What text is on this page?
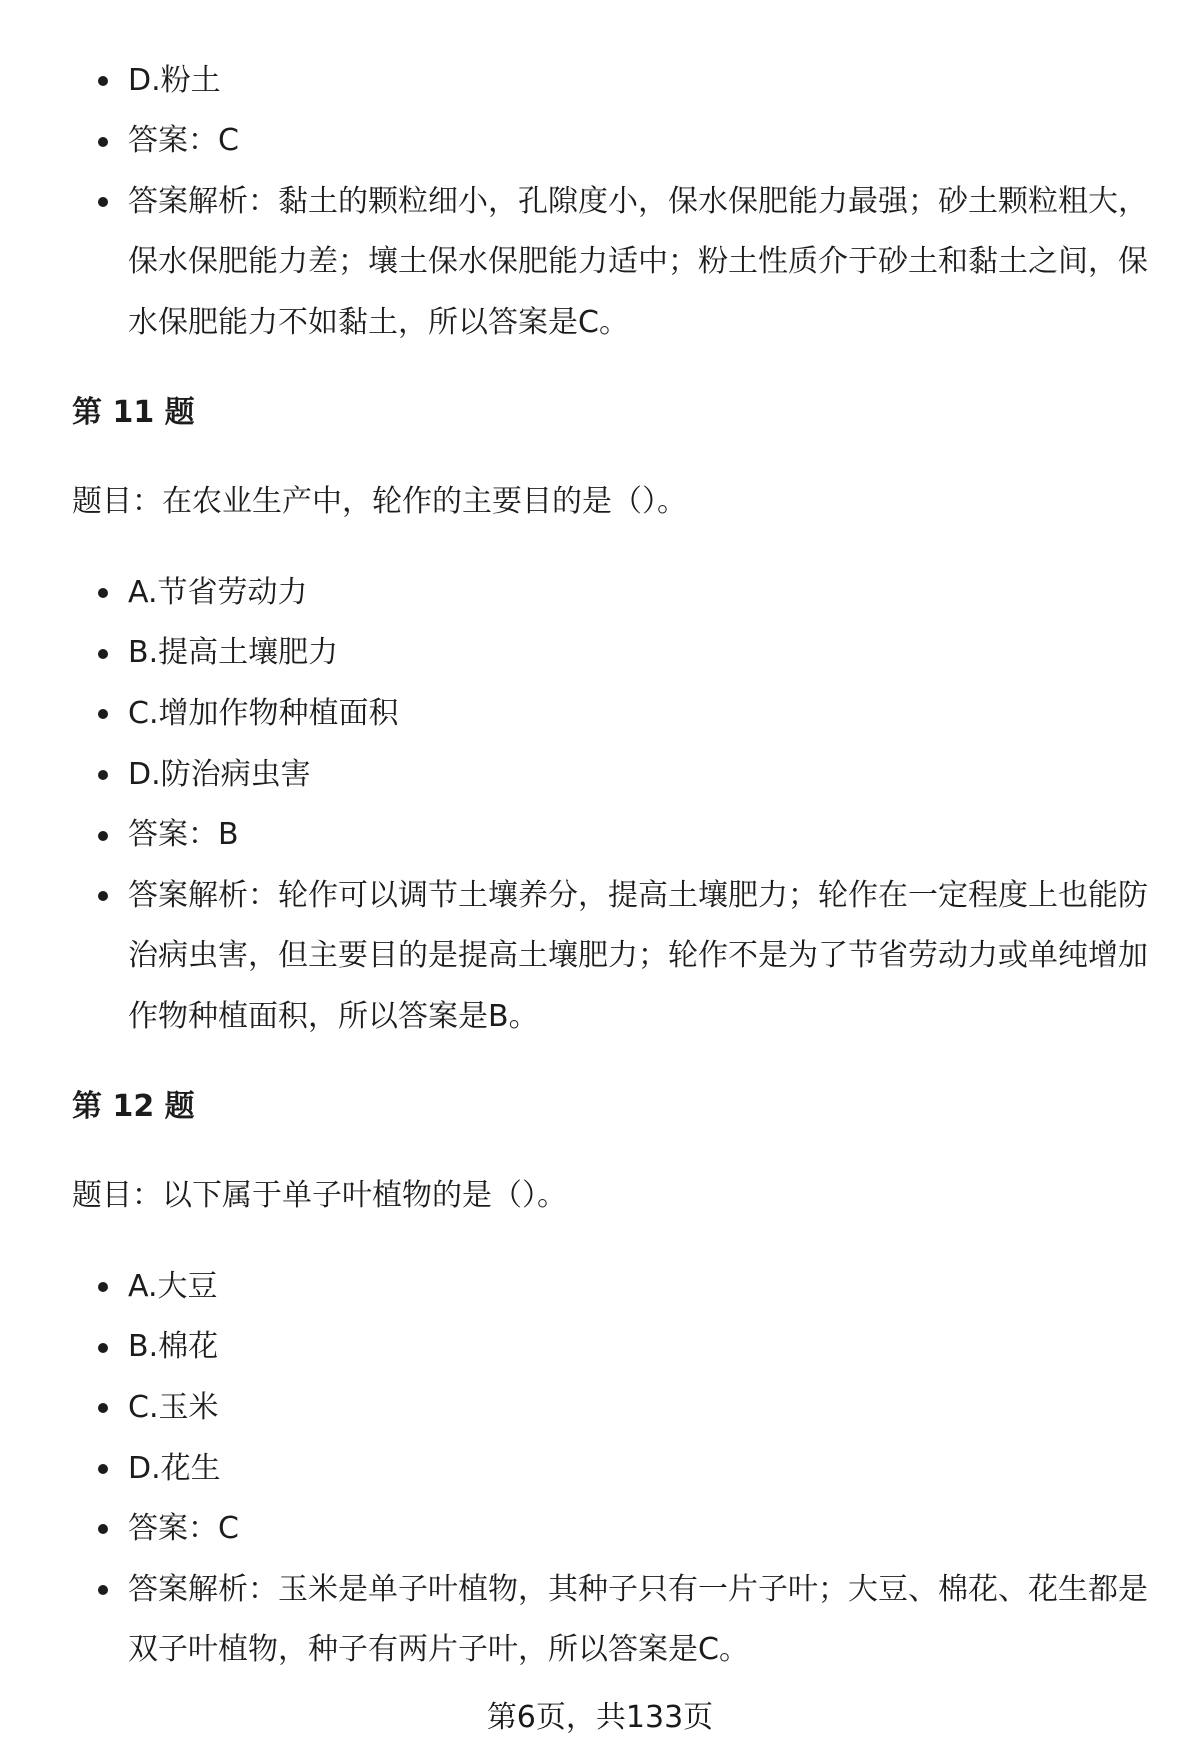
D.粉土
答案：C
答案解析：黏土的颗粒细小，孔隙度小，保水保肥能力最强；砂土颗粒粗大，
保水保肥能力差；壤土保水保肥能力适中；粉土性质介于砂土和黏土之间，保
水保肥能力不如黏土，所以答案是C。
第 11 题

题目：在农业生产中，轮作的主要目的是（）。

A.节省劳动力
B.提高土壤肥力
C.增加作物种植面积
D.防治病虫害
答案：B
答案解析：轮作可以调节土壤养分，提高土壤肥力；轮作在一定程度上也能防
治病虫害，但主要目的是提高土壤肥力；轮作不是为了节省劳动力或单纯增加
作物种植面积，所以答案是B。
第 12 题

题目：以下属于单子叶植物的是（）。

A.大豆
B.棉花
C.玉米
D.花生
答案：C
答案解析：玉米是单子叶植物，其种子只有一片子叶；大豆、棉花、花生都是
双子叶植物，种子有两片子叶，所以答案是C。
第6页，共133页
